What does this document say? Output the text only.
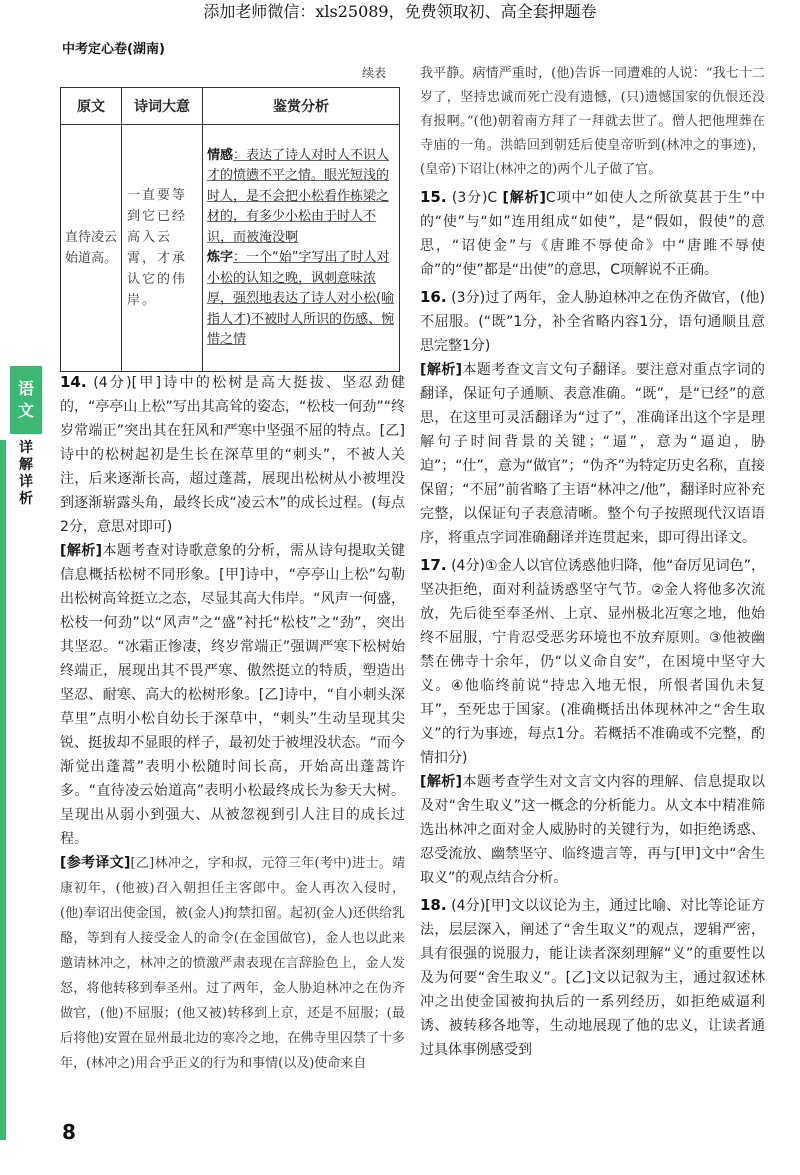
添加老师微信：xls25089，免费领取初、高全套押题卷
中考定心卷(湖南)
续表
原文	诗词大意	鉴赏分析
直待凌云始道高。	一直要等到它已经高入云霄，才承认它的伟岸。	情感：表达了诗人对时人不识人才的愤懑不平之情。眼光短浅的时人，是不会把小松看作栋梁之材的，有多少小松由于时人不识，而被淹没啊
炼字：一个“始”字写出了时人对小松的认知之晚，讽刺意味浓厚，强烈地表达了诗人对小松(喻指人才)不被时人所识的伤感、惋惜之情
语
文
详解详析

14. (4分)[甲]诗中的松树是高大挺拔、坚忍劲健的，“亭亭山上松”写出其高耸的姿态，“松枝一何劲”“终岁常端正”突出其在狂风和严寒中坚强不屈的特点。[乙]诗中的松树起初是生长在深草里的“刺头”，不被人关注，后来逐渐长高，超过蓬蒿，展现出松树从小被埋没到逐渐崭露头角，最终长成“凌云木”的成长过程。(每点2分，意思对即可)

[解析]本题考查对诗歌意象的分析，需从诗句提取关键信息概括松树不同形象。[甲]诗中，“亭亭山上松”勾勒出松树高耸挺立之态，尽显其高大伟岸。“风声一何盛，松枝一何劲”以“风声”之“盛”衬托“松枝”之“劲”，突出其坚忍。“冰霜正惨凄，终岁常端正”强调严寒下松树始终端正，展现出其不畏严寒、傲然挺立的特质，塑造出坚忍、耐寒、高大的松树形象。[乙]诗中，“自小刺头深草里”点明小松自幼长于深草中，“刺头”生动呈现其尖锐、挺拔却不显眼的样子，最初处于被埋没状态。“而今渐觉出蓬蒿”表明小松随时间长高，开始高出蓬蒿许多。“直待凌云始道高”表明小松最终成长为参天大树。呈现出从弱小到强大、从被忽视到引人注目的成长过程。

[参考译文][乙]林冲之，字和叔，元符三年(考中)进士。靖康初年，(他被)召入朝担任主客郎中。金人再次入侵时，(他)奉诏出使金国，被(金人)拘禁扣留。起初(金人)还供给乳酪，等到有人接受金人的命令(在金国做官)，金人也以此来邀请林冲之，林冲之的愤激严肃表现在言辞脸色上，金人发怒，将他转移到奉圣州。过了两年，金人胁迫林冲之在伪齐做官，(他)不屈服；(他又被)转移到上京，还是不屈服；(最后将他)安置在显州最北边的寒冷之地，在佛寺里囚禁了十多年，(林冲之)用合乎正义的行为和事情(以及)使命来自

我平静。病情严重时，(他)告诉一同遭难的人说：“我七十二岁了，坚持忠诚而死亡没有遗憾，(只)遗憾国家的仇恨还没有报啊。”(他)朝着南方拜了一拜就去世了。僧人把他埋葬在寺庙的一角。洪皓回到朝廷后使皇帝听到(林冲之的事迹)，(皇帝)下诏让(林冲之的)两个儿子做了官。

15. (3分)C [解析]C项中“如使人之所欲莫甚于生”中的“使”与“如”连用组成“如使”，是“假如，假使”的意思，“诏使金”与《唐雎不辱使命》中“唐雎不辱使命”的“使”都是“出使”的意思，C项解说不正确。

16. (3分)过了两年，金人胁迫林冲之在伪齐做官，(他)不屈服。(“既”1分，补全省略内容1分，语句通顺且意思完整1分)

[解析]本题考查文言文句子翻译。要注意对重点字词的翻译，保证句子通顺、表意准确。“既”，是“已经”的意思，在这里可灵活翻译为“过了”，准确译出这个字是理解句子时间背景的关键；“逼”，意为“逼迫，胁迫”；“仕”，意为“做官”；“伪齐”为特定历史名称，直接保留；“不屈”前省略了主语“林冲之/他”，翻译时应补充完整，以保证句子表意清晰。整个句子按照现代汉语语序，将重点字词准确翻译并连贯起来，即可得出译文。

17. (4分)①金人以官位诱惑他归降，他“奋厉见词色”，坚决拒绝，面对利益诱惑坚守气节。②金人将他多次流放，先后徙至奉圣州、上京、显州极北冱寒之地，他始终不屈服，宁肯忍受恶劣环境也不放弃原则。③他被幽禁在佛寺十余年，仍“以义命自安”，在困境中坚守大义。④他临终前说“持忠入地无恨，所恨者国仇未复耳”，至死忠于国家。(准确概括出体现林冲之“舍生取义”的行为事迹，每点1分。若概括不准确或不完整，酌情扣分)

[解析]本题考查学生对文言文内容的理解、信息提取以及对“舍生取义”这一概念的分析能力。从文本中精准筛选出林冲之面对金人威胁时的关键行为，如拒绝诱惑、忍受流放、幽禁坚守、临终遗言等，再与[甲]文中“舍生取义”的观点结合分析。

18. (4分)[甲]文以议论为主，通过比喻、对比等论证方法，层层深入，阐述了“舍生取义”的观点，逻辑严密，具有很强的说服力，能让读者深刻理解“义”的重要性以及为何要“舍生取义”。[乙]文以记叙为主，通过叙述林冲之出使金国被拘执后的一系列经历，如拒绝威逼利诱、被转移各地等，生动地展现了他的忠义，让读者通过具体事例感受到

8
